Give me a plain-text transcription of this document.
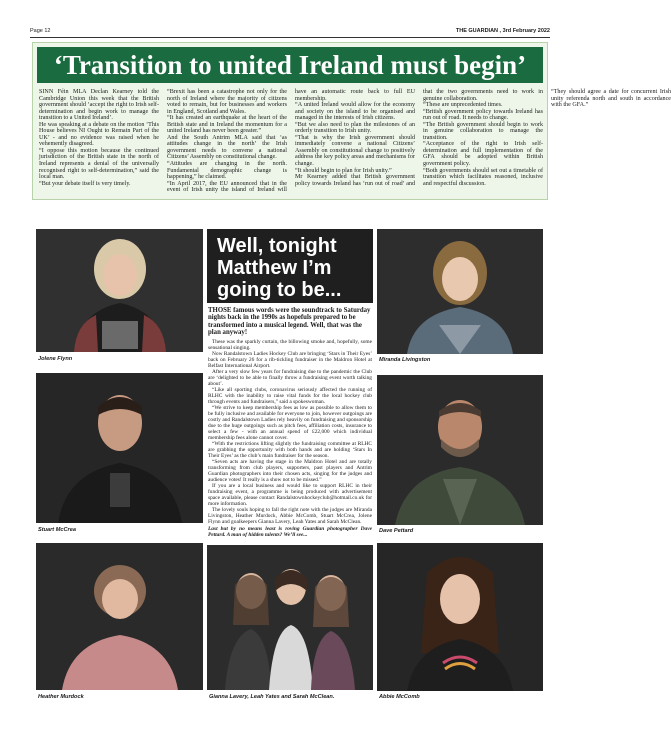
Page 12	THE GUARDIAN , 3rd February 2022
‘Transition to united Ireland must begin’

SINN Féin MLA Declan Kearney told the Cambridge Union this week that the British government should ‘accept the right to Irish self-determination and begin work to manage the transition to a United Ireland’.

He was speaking at a debate on the motion ‘This House believes NI Ought to Remain Part of the UK’ - and no evidence was raised when he vehemently disagreed.

“I oppose this motion because the continued jurisdiction of the British state in the north of Ireland represents a denial of the universally recognised right to self-determination,” said the local man.

“But your debate itself is very timely.

“Brexit has been a catastrophe not only for the north of Ireland where the majority of citizens voted to remain, but for businesses and workers in England, Scotland and Wales.

“It has created an earthquake at the heart of the British state and in Ireland the momentum for a united Ireland has never been greater.”

And the South Antrim MLA said that ‘as attitudes change in the north’ the Irish government needs to convene a national Citizens’ Assembly on constitutional change.

“Attitudes are changing in the north. Fundamental demographic change is happening,” he claimed.

“In April 2017, the EU announced that in the event of Irish unity the island of Ireland will have an automatic route back to full EU membership.

“A united Ireland would allow for the economy and society on the island to be organised and managed in the interests of Irish citizens.

“But we also need to plan the milestones of an orderly transition to Irish unity.

“That is why the Irish government should immediately convene a national Citizens’ Assembly on constitutional change to positively address the key policy areas and mechanisms for change.

“It should begin to plan for Irish unity.”

Mr Kearney added that British government policy towards Ireland has ‘run out of road’ and that the two governments need to work in genuine collaboration.

“These are unprecedented times.

“British government policy towards Ireland has run out of road. It needs to change.

“The British government should begin to work in genuine collaboration to manage the transition.

“Acceptance of the right to Irish self-determination and full implementation of the GFA should be adopted within British government policy.

“Both governments should set out a timetable of transition which facilitates reasoned, inclusive and respectful discussion.

“They should agree a date for concurrent Irish unity referenda north and south in accordance with the GFA.”

Jolene Flynn	Miranda Livingston
Well, tonight Matthew I’m going to be...
THOSE famous words were the soundtrack to Saturday nights back in the 1990s as hopefuls prepared to be transformed into a musical legend. Well, that was the plan anyway!

These was the sparkly curtain, the billowing smoke and, hopefully, some sensational singing.

Now Randalstown Ladies Hockey Club are bringing ‘Stars in Their Eyes’ back on February 26 for a rib-tickling fundraiser in the Maldron Hotel at Belfast International Airport.

After a very slow few years for fundraising due to the pandemic the Club are ‘delighted to be able to finally throw a fundraising event worth talking about’.

“Like all sporting clubs, coronavirus seriously affected the running of RLHC with the inability to raise vital funds for the local hockey club through events and fundraisers,” said a spokeswoman.

“We strive to keep membership fees as low as possible to allow them to be fully inclusive and available for everyone to join, however outgoings are costly and Randalstown Ladies rely heavily on fundraising and sponsorship due to the huge outgoings such as pitch fees, affiliation costs, insurance to select a few - with an annual spend of £22,000 which individual membership fees alone cannot cover.

“With the restrictions lifting slightly the fundraising committee at RLHC are grabbing the opportunity with both hands and are holding ‘Stars In Their Eyes’ as the club’s main fundraiser for the season.

“Seven acts are having the stage in the Maldron Hotel and are totally transforming from club players, supporters, past players and Antrim Guardian photographers into their chosen acts, singing for the judges and audience votes! It really is a show not to be missed.”

If you are a local business and would like to support RLHC in their fundraising event, a programme is being produced with advertisement space available, please contact Randalstownhockeyclub@hotmail.co.uk for more information.

The lovely souls hoping to fall the right note with the judges are Miranda Livingston, Heather Murdock, Abbie McComb, Stuart McCrea, Jolene Flynn and goalkeepers Gianna Lavery, Leah Yates and Sarah McClean.

Last but by no means least is roving Guardian photographer Dave Pettard. A man of hidden talents? We’ll see...

Stuart McCrea	Dave Pettard
Heather Murdock	Gianna Lavery, Leah Yates and Sarah McClean.	Abbie McComb
